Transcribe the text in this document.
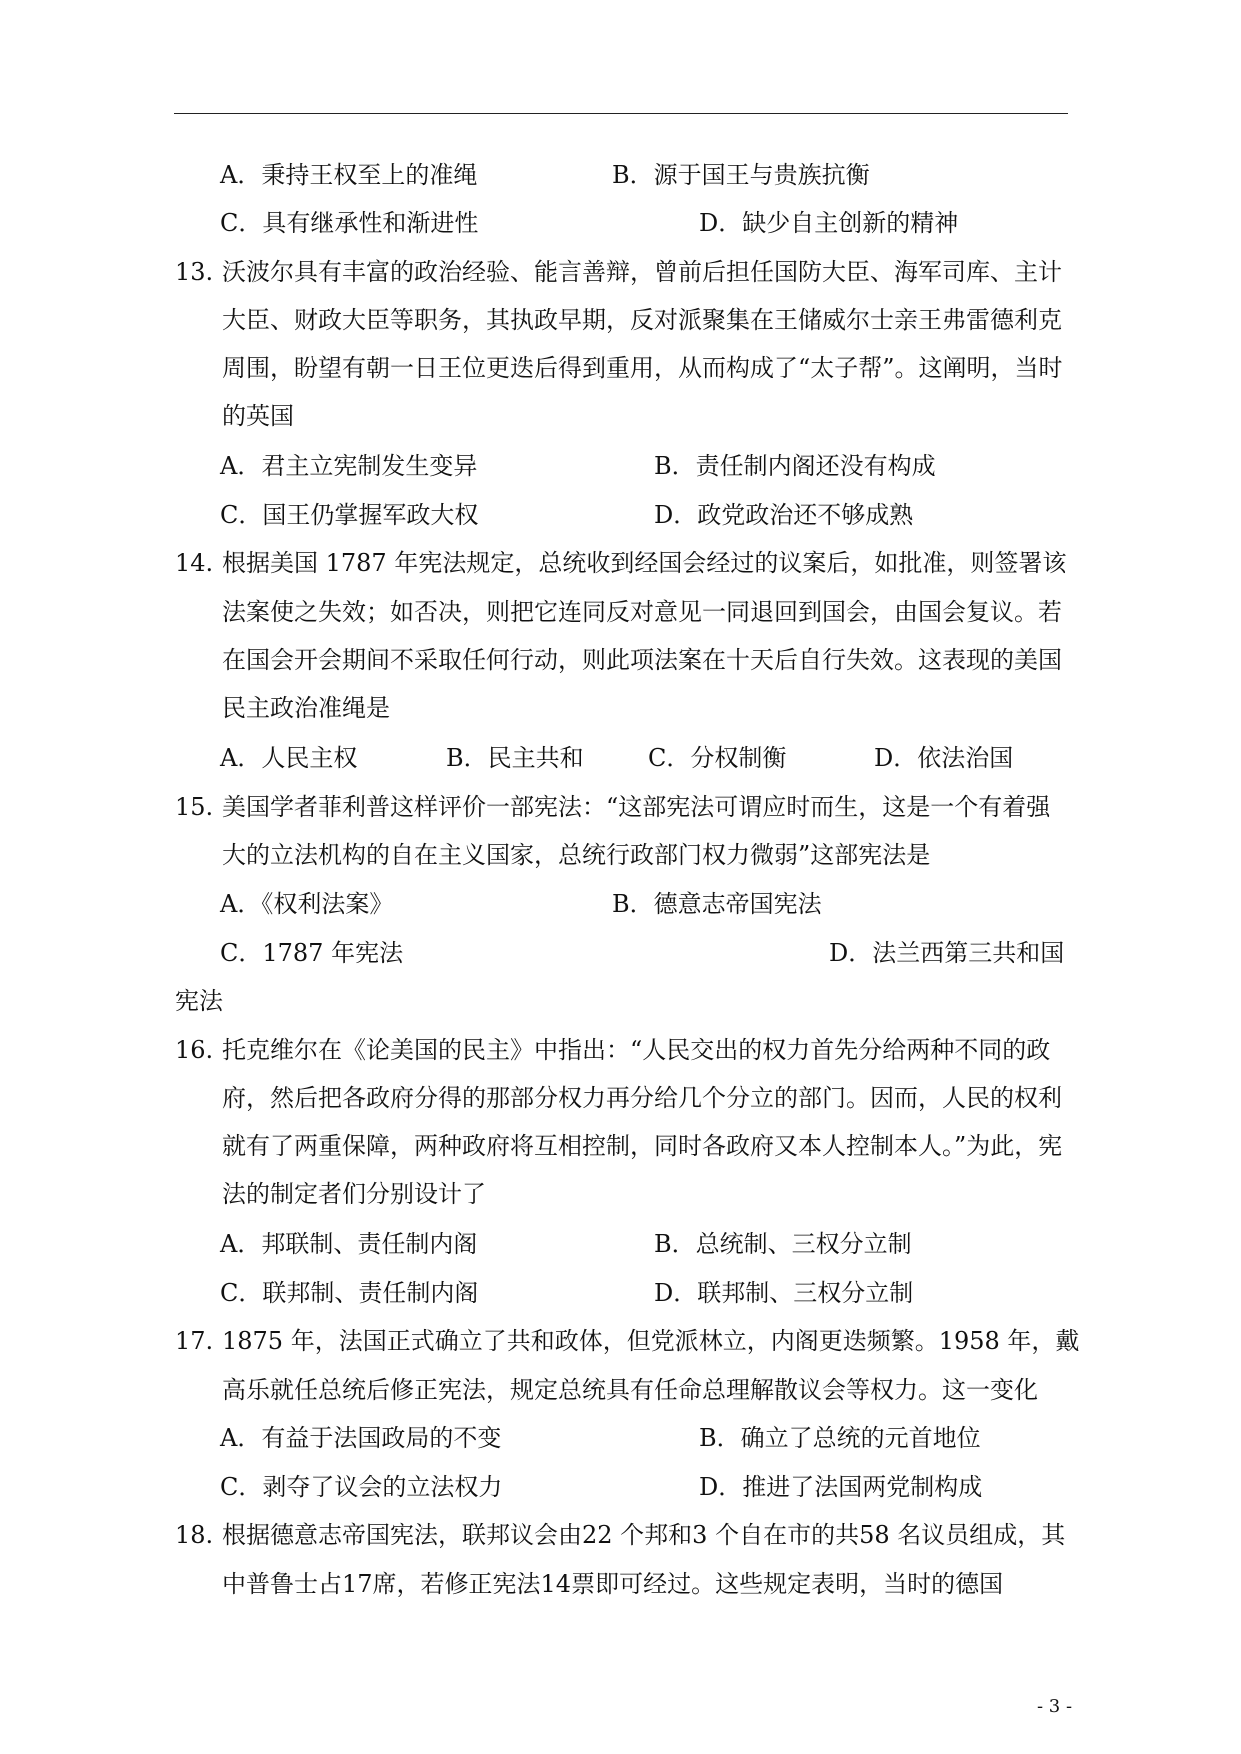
A．秉持王权至上的准绳	B．源于国王与贵族抗衡
C．具有继承性和渐进性	D．缺少自主创新的精神
13. 沃波尔具有丰富的政治经验、能言善辩，曾前后担任国防大臣、海军司库、主计
大臣、财政大臣等职务，其执政早期，反对派聚集在王储威尔士亲王弗雷德利克
周围，盼望有朝一日王位更迭后得到重用，从而构成了“太子帮”。这阐明，当时
的英国
A．君主立宪制发生变异	B．责任制内阁还没有构成
C．国王仍掌握军政大权	D．政党政治还不够成熟
14. 根据美国 1787 年宪法规定，总统收到经国会经过的议案后，如批准，则签署该
法案使之失效；如否决，则把它连同反对意见一同退回到国会，由国会复议。若
在国会开会期间不采取任何行动，则此项法案在十天后自行失效。这表现的美国
民主政治准绳是
A．人民主权	B．民主共和	C．分权制衡	D．依法治国
15. 美国学者菲利普这样评价一部宪法：“这部宪法可谓应时而生，这是一个有着强
大的立法机构的自在主义国家，总统行政部门权力微弱”这部宪法是
A．《权利法案》	B．德意志帝国宪法
C．1787 年宪法	D．法兰西第三共和国
宪法
16. 托克维尔在《论美国的民主》中指出：“人民交出的权力首先分给两种不同的政
府，然后把各政府分得的那部分权力再分给几个分立的部门。因而，人民的权利
就有了两重保障，两种政府将互相控制，同时各政府又本人控制本人。”为此，宪
法的制定者们分别设计了
A．邦联制、责任制内阁	B．总统制、三权分立制
C．联邦制、责任制内阁	D．联邦制、三权分立制
17. 1875 年，法国正式确立了共和政体，但党派林立，内阁更迭频繁。1958 年，戴
高乐就任总统后修正宪法，规定总统具有任命总理解散议会等权力。这一变化
A．有益于法国政局的不变	B．确立了总统的元首地位
C．剥夺了议会的立法权力	D．推进了法国两党制构成
18. 根据德意志帝国宪法，联邦议会由22 个邦和3 个自在市的共58 名议员组成，其
中普鲁士占17席，若修正宪法14票即可经过。这些规定表明，当时的德国
- 3 -
